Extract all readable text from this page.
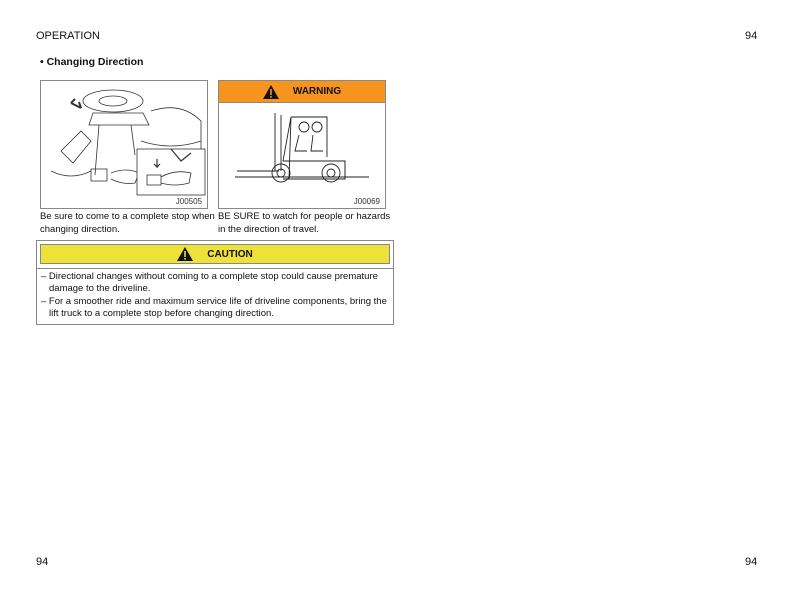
OPERATION	94
• Changing Direction
J00505
Be sure to come to a complete stop when changing direction.
WARNING
J00069
BE SURE to watch for people or hazards in the direction of travel.
CAUTION
– Directional changes without coming to a complete stop could cause premature damage to the driveline.
– For a smoother ride and maximum service life of driveline components, bring the lift truck to a complete stop before changing direction.
94	94
